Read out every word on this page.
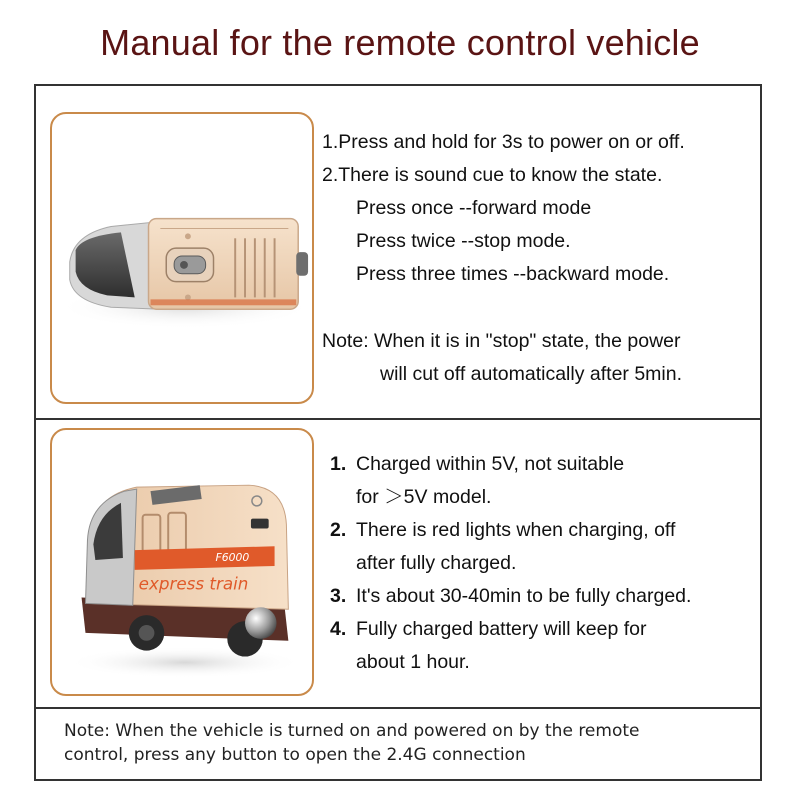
Manual for the remote control vehicle
1.Press and hold for 3s to power on or off.
2.There is sound cue to know the state.
Press once --forward mode
Press twice --stop mode.
Press three times --backward mode.
Note: When it is in "stop" state, the power
will cut off automatically after 5min.
F6000
express train
1. Charged within 5V, not suitable
for ＞5V model.
2. There is red lights when charging, off
after fully charged.
3. It's about 30-40min to be fully charged.
4. Fully charged battery will keep for
about 1 hour.
Note: When the vehicle is turned on and powered on by the remote
control, press any button to open the 2.4G connection
